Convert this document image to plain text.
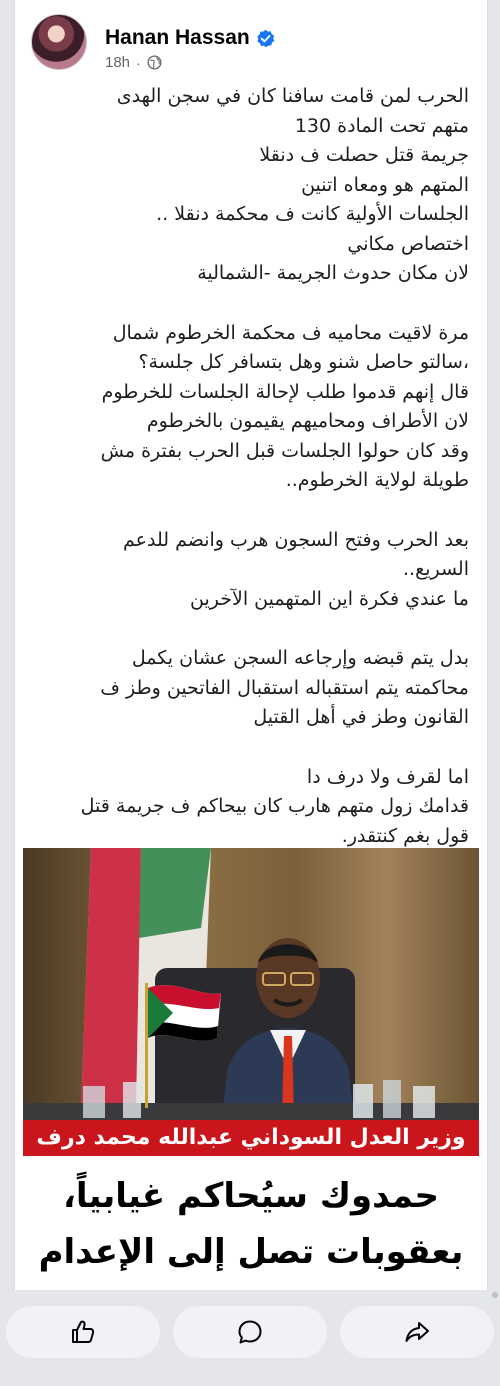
Hanan Hassan
18h ·

الحرب لمن قامت سافنا كان في سجن الهدى

متهم تحت المادة 130

جريمة قتل حصلت ف دنقلا

المتهم هو ومعاه اتنين

الجلسات الأولية كانت ف محكمة دنقلا ..

اختصاص مكاني

لان مكان حدوث الجريمة -الشمالية

مرة لاقيت محاميه ف محكمة الخرطوم شمال

،سالتو حاصل شنو وهل بتسافر كل جلسة؟

قال إنهم قدموا طلب لإحالة الجلسات للخرطوم

لان الأطراف ومحاميهم يقيمون بالخرطوم

وقد كان حولوا الجلسات قبل الحرب بفترة مش

طويلة لولاية الخرطوم..

بعد الحرب وفتح السجون هرب وانضم للدعم

السريع..

ما عندي فكرة اين المتهمين الآخرين

بدل يتم قبضه وإرجاعه السجن عشان يكمل

محاكمته يتم استقباله استقبال الفاتحين وطز ف

القانون وطز في أهل القتيل

اما لقرف ولا درف دا

قدامك زول متهم هارب كان بيحاكم ف جريمة قتل

قول بغم كنتقدر.

وزير العدل السوداني عبدالله محمد درف
حمدوك سيُحاكم غيابياً،
بعقوبات تصل إلى الإعدام
